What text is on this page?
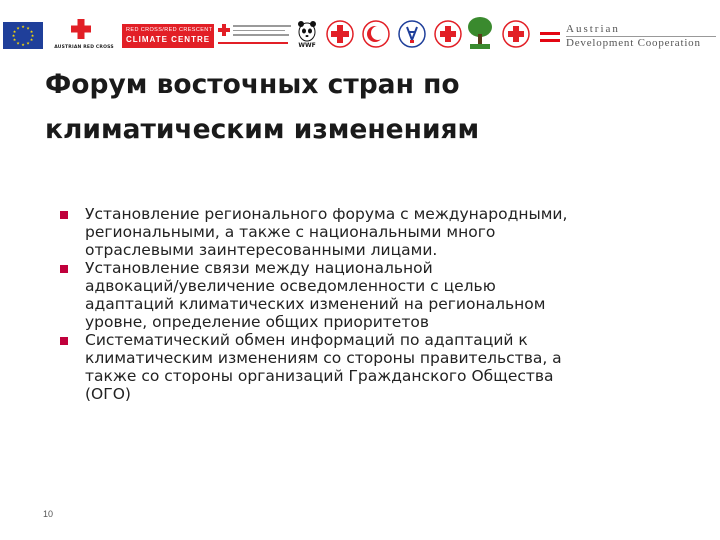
★ ★
★
★
★
★
★
★
★
★
★
★
AUSTRIAN RED CROSS
RED CROSS/RED CRESCENT
CLIMATE CENTRE
WWF
Austrian
Development Cooperation
Форум восточных стран по
климатическим изменениям
Установление регионального форума с международными,
региональными, а также с национальными много
отраслевыми заинтересованными лицами.
Установление связи между национальной
адвокаций/увеличение осведомленности с целью
адаптаций климатических изменений на региональном
уровне, определение общих приоритетов
Систематический обмен информаций по адаптаций к
климатическим изменениям со стороны правительства, а
также со стороны организаций Гражданского Общества
(ОГО)
10
